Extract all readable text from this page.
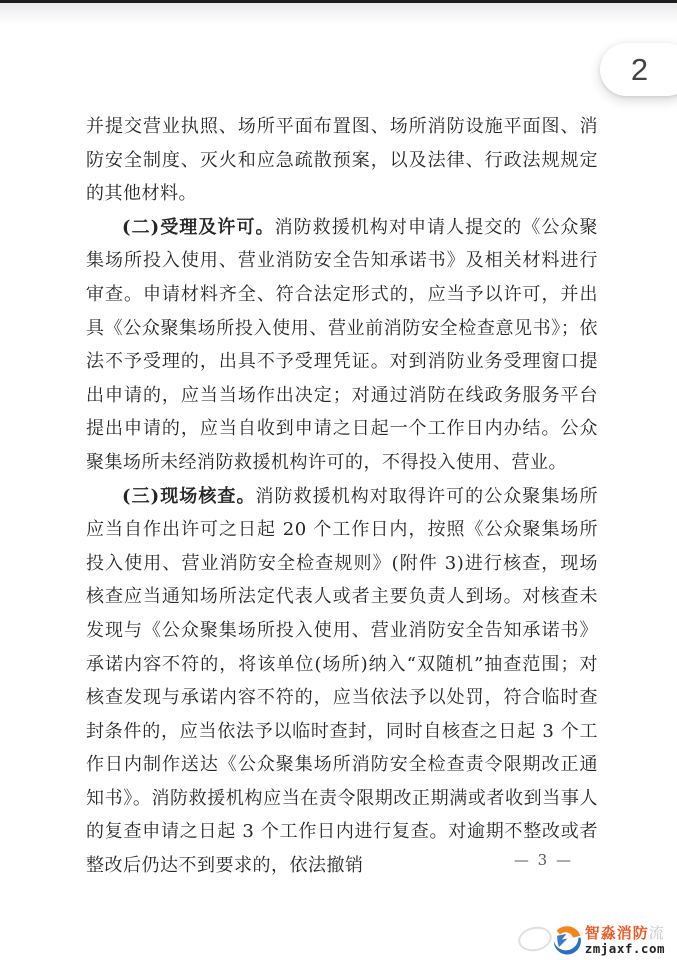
2

并提交营业执照、场所平面布置图、场所消防设施平面图、消防安全制度、灭火和应急疏散预案，以及法律、行政法规规定的其他材料。

(二)受理及许可。消防救援机构对申请人提交的《公众聚集场所投入使用、营业消防安全告知承诺书》及相关材料进行审查。申请材料齐全、符合法定形式的，应当予以许可，并出具《公众聚集场所投入使用、营业前消防安全检查意见书》；依法不予受理的，出具不予受理凭证。对到消防业务受理窗口提出申请的，应当当场作出决定；对通过消防在线政务服务平台提出申请的，应当自收到申请之日起一个工作日内办结。公众聚集场所未经消防救援机构许可的，不得投入使用、营业。

(三)现场核查。消防救援机构对取得许可的公众聚集场所应当自作出许可之日起 20 个工作日内，按照《公众聚集场所投入使用、营业消防安全检查规则》(附件 3)进行核查，现场核查应当通知场所法定代表人或者主要负责人到场。对核查未发现与《公众聚集场所投入使用、营业消防安全告知承诺书》承诺内容不符的，将该单位(场所)纳入“双随机”抽查范围；对核查发现与承诺内容不符的，应当依法予以处罚，符合临时查封条件的，应当依法予以临时查封，同时自核查之日起 3 个工作日内制作送达《公众聚集场所消防安全检查责令限期改正通知书》。消防救援机构应当在责令限期改正期满或者收到当事人的复查申请之日起 3 个工作日内进行复查。对逾期不整改或者整改后仍达不到要求的，依法撤销	— 3 —
智淼消防流
zmjaxf.com
